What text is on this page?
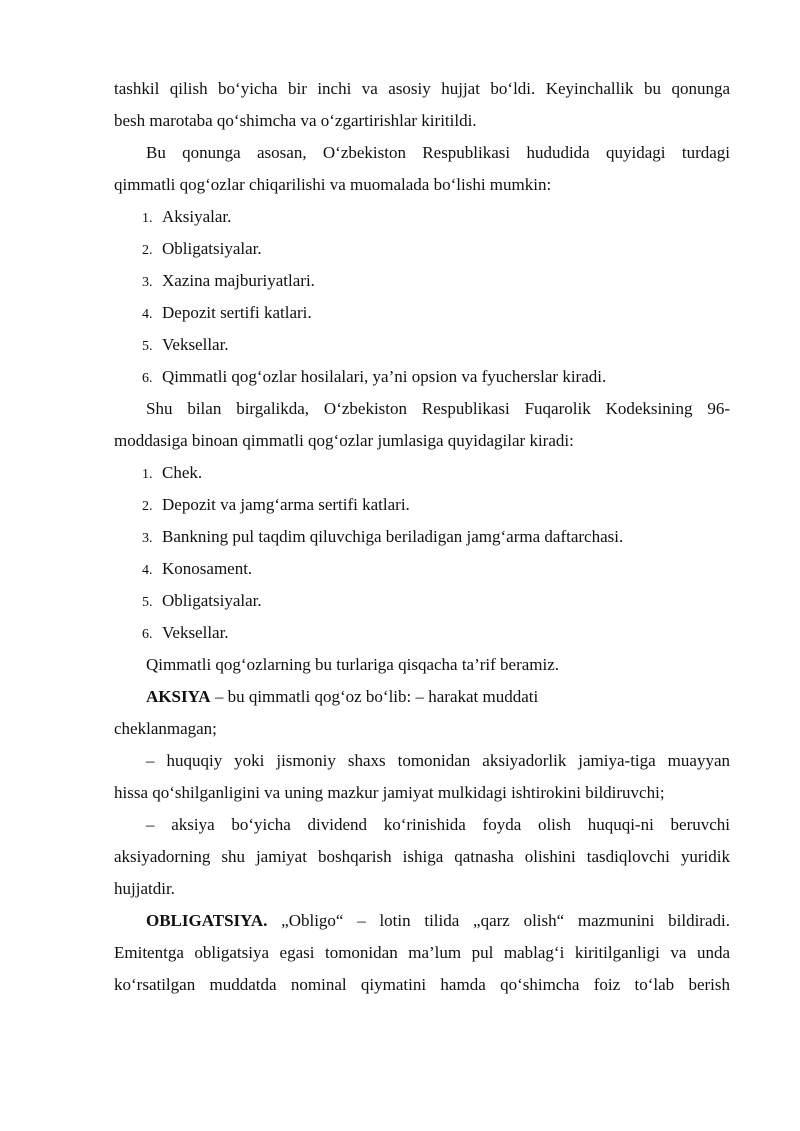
tashkil qilish bo‘yicha bir inchi va asosiy hujjat bo‘ldi. Keyinchallik bu qonunga
besh marotaba qo‘shimcha va o‘zgartirishlar kiritildi.
Bu qonunga asosan, O‘zbekiston Respublikasi hududida quyidagi turdagi
qimmatli qog‘ozlar chiqarilishi va muomalada bo‘lishi mumkin:
1. Aksiyalar.
2. Obligatsiyalar.
3. Xazina majburiyatlari.
4. Depozit sertifi katlari.
5. Veksellar.
6. Qimmatli qog‘ozlar hosilalari, ya’ni opsion va fyucherslar kiradi.
Shu bilan birgalikda, O‘zbekiston Respublikasi Fuqarolik Kodeksining 96-
moddasiga binoan qimmatli qog‘ozlar jumlasiga quyidagilar kiradi:
1. Chek.
2. Depozit va jamg‘arma sertifi katlari.
3. Bankning pul taqdim qiluvchiga beriladigan jamg‘arma daftarchasi.
4. Konosament.
5. Obligatsiyalar.
6. Veksellar.
Qimmatli qog‘ozlarning bu turlariga qisqacha ta’rif beramiz.
AKSIYA – bu qimmatli qog‘oz bo‘lib: – harakat muddati
cheklanmagan;
– huquqiy yoki jismoniy shaxs tomonidan aksiyadorlik jamiya-tiga muayyan
hissa qo‘shilganligini va uning mazkur jamiyat mulkidagi ishtirokini bildiruvchi;
– aksiya bo‘yicha dividend ko‘rinishida foyda olish huquqi-ni beruvchi
aksiyadorning shu jamiyat boshqarish ishiga qatnasha olishini tasdiqlovchi yuridik
hujjatdir.
OBLIGATSIYA. „Obligo“ – lotin tilida „qarz olish“ mazmunini bildiradi.
Emitentga obligatsiya egasi tomonidan ma’lum pul mablag‘i kiritilganligi va unda
ko‘rsatilgan muddatda nominal qiymatini hamda qo‘shimcha foiz to‘lab berish
